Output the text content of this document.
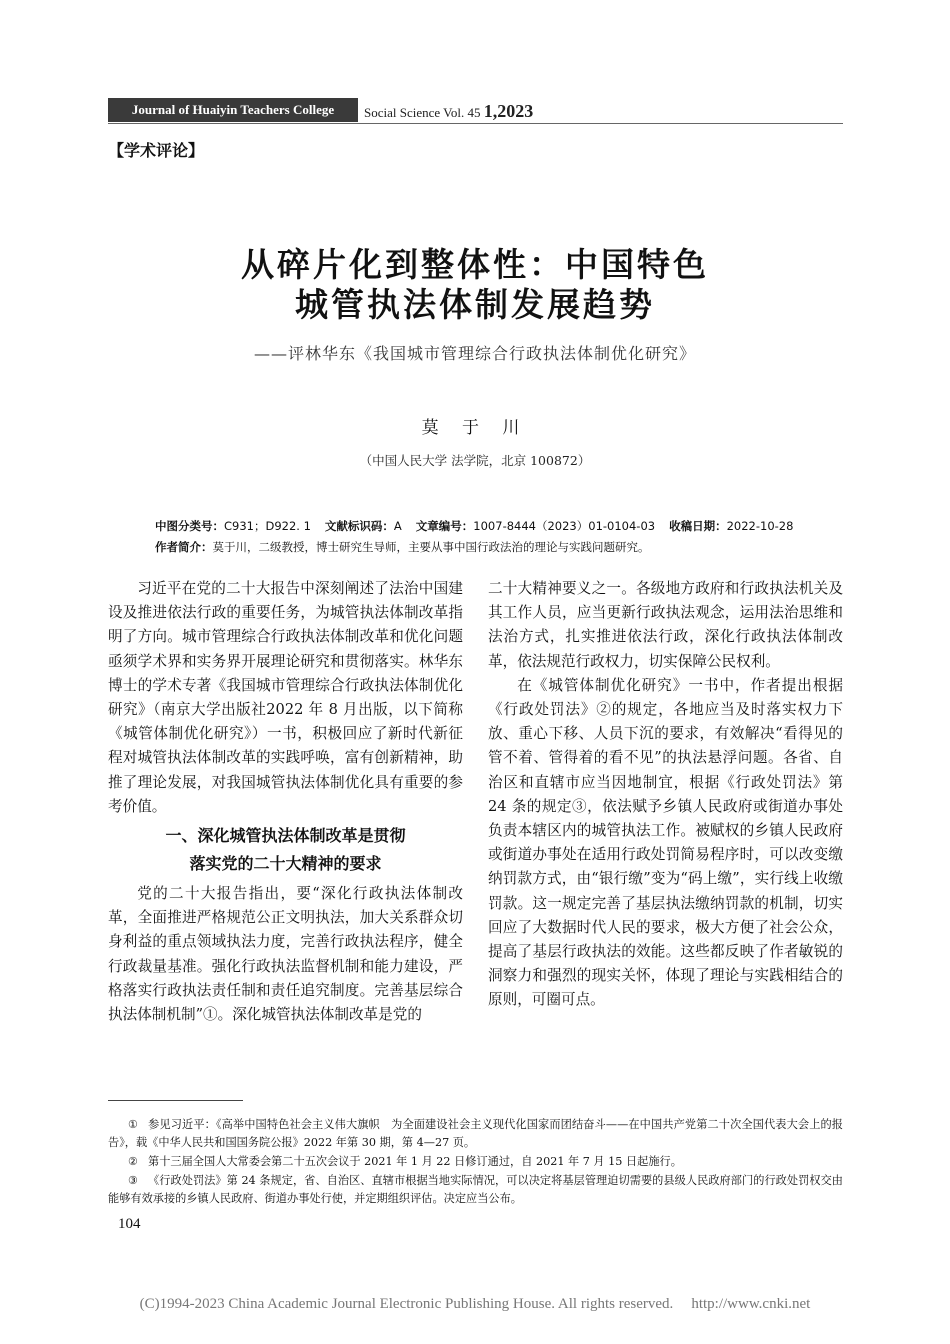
Journal of Huaiyin Teachers College	Social Science Vol. 45 1,2023
【学术评论】
从碎片化到整体性：中国特色
城管执法体制发展趋势
——评林华东《我国城市管理综合行政执法体制优化研究》
莫 于 川
（中国人民大学 法学院，北京 100872）
中图分类号：C931；D922. 1 文献标识码：A 文章编号：1007-8444（2023）01-0104-03 收稿日期：2022-10-28
作者简介：莫于川，二级教授，博士研究生导师，主要从事中国行政法治的理论与实践问题研究。

习近平在党的二十大报告中深刻阐述了法治中国建设及推进依法行政的重要任务，为城管执法体制改革指明了方向。城市管理综合行政执法体制改革和优化问题亟须学术界和实务界开展理论研究和贯彻落实。林华东博士的学术专著《我国城市管理综合行政执法体制优化研究》（南京大学出版社2022 年 8 月出版，以下简称《城管体制优化研究》）一书，积极回应了新时代新征程对城管执法体制改革的实践呼唤，富有创新精神，助推了理论发展，对我国城管执法体制优化具有重要的参考价值。

一、深化城管执法体制改革是贯彻
落实党的二十大精神的要求

党的二十大报告指出，要“深化行政执法体制改革，全面推进严格规范公正文明执法，加大关系群众切身利益的重点领域执法力度，完善行政执法程序，健全行政裁量基准。强化行政执法监督机制和能力建设，严格落实行政执法责任制和责任追究制度。完善基层综合执法体制机制”①。深化城管执法体制改革是党的

二十大精神要义之一。各级地方政府和行政执法机关及其工作人员，应当更新行政执法观念，运用法治思维和法治方式，扎实推进依法行政，深化行政执法体制改革，依法规范行政权力，切实保障公民权利。

在《城管体制优化研究》一书中，作者提出根据《行政处罚法》②的规定，各地应当及时落实权力下放、重心下移、人员下沉的要求，有效解决“看得见的管不着、管得着的看不见”的执法悬浮问题。各省、自治区和直辖市应当因地制宜，根据《行政处罚法》第 24 条的规定③，依法赋予乡镇人民政府或街道办事处负责本辖区内的城管执法工作。被赋权的乡镇人民政府或街道办事处在适用行政处罚简易程序时，可以改变缴纳罚款方式，由“银行缴”变为“码上缴”，实行线上收缴罚款。这一规定完善了基层执法缴纳罚款的机制，切实回应了大数据时代人民的要求，极大方便了社会公众，提高了基层行政执法的效能。这些都反映了作者敏锐的洞察力和强烈的现实关怀，体现了理论与实践相结合的原则，可圈可点。

① 参见习近平：《高举中国特色社会主义伟大旗帜　为全面建设社会主义现代化国家而团结奋斗——在中国共产党第二十次全国代表大会上的报告》，载《中华人民共和国国务院公报》2022 年第 30 期，第 4—27 页。
② 第十三届全国人大常委会第二十五次会议于 2021 年 1 月 22 日修订通过，自 2021 年 7 月 15 日起施行。
③ 《行政处罚法》第 24 条规定，省、自治区、直辖市根据当地实际情况，可以决定将基层管理迫切需要的县级人民政府部门的行政处罚权交由能够有效承接的乡镇人民政府、街道办事处行使，并定期组织评估。决定应当公布。
104
(C)1994-2023 China Academic Journal Electronic Publishing House. All rights reserved. http://www.cnki.net
